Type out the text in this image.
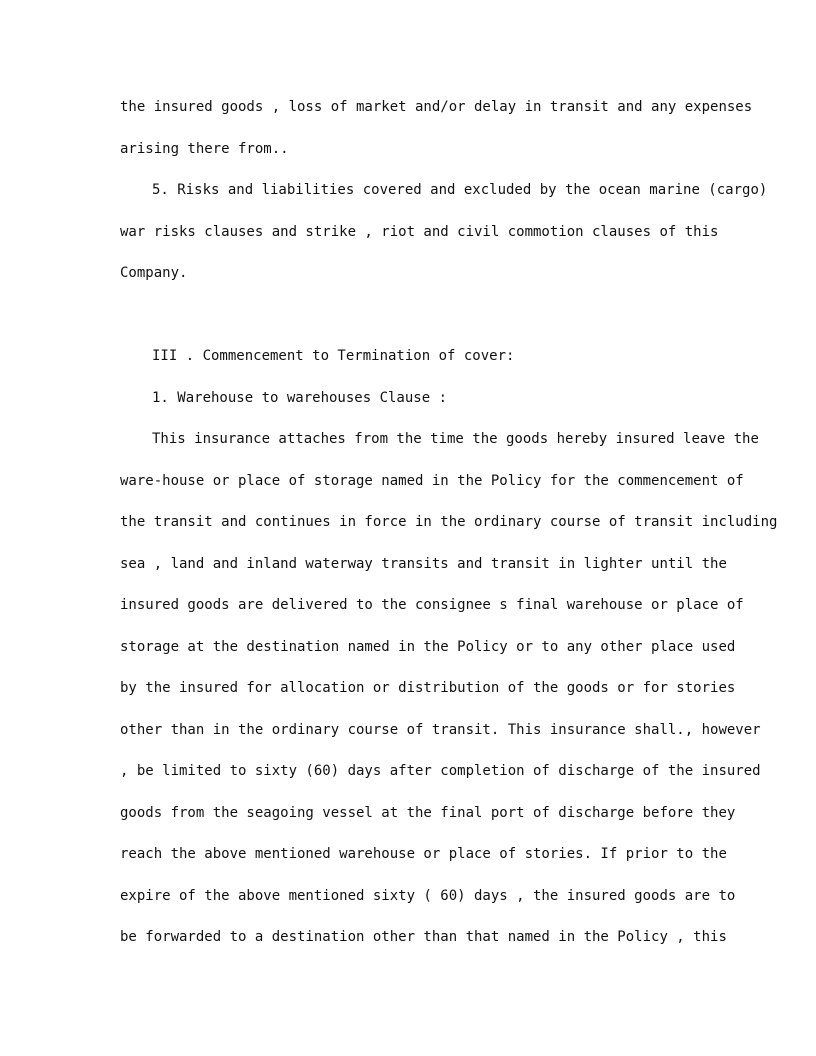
the insured goods , loss of market and/or delay in transit and any expenses
arising there from..
5. Risks and liabilities covered and excluded by the ocean marine (cargo)
war risks clauses and strike , riot and civil commotion clauses of this
Company.
III . Commencement to Termination of cover:
1. Warehouse to warehouses Clause :
This insurance attaches from the time the goods hereby insured leave the
ware-house or place of storage named in the Policy for the commencement of
the transit and continues in force in the ordinary course of transit including
sea , land and inland waterway transits and transit in lighter until the
insured goods are delivered to the consignee s final warehouse or place of
storage at the destination named in the Policy or to any other place used
by the insured for allocation or distribution of the goods or for stories
other than in the ordinary course of transit. This insurance shall., however
, be limited to sixty (60) days after completion of discharge of the insured
goods from the seagoing vessel at the final port of discharge before they
reach the above mentioned warehouse or place of stories. If prior to the
expire of the above mentioned sixty ( 60) days , the insured goods are to
be forwarded to a destination other than that named in the Policy , this
